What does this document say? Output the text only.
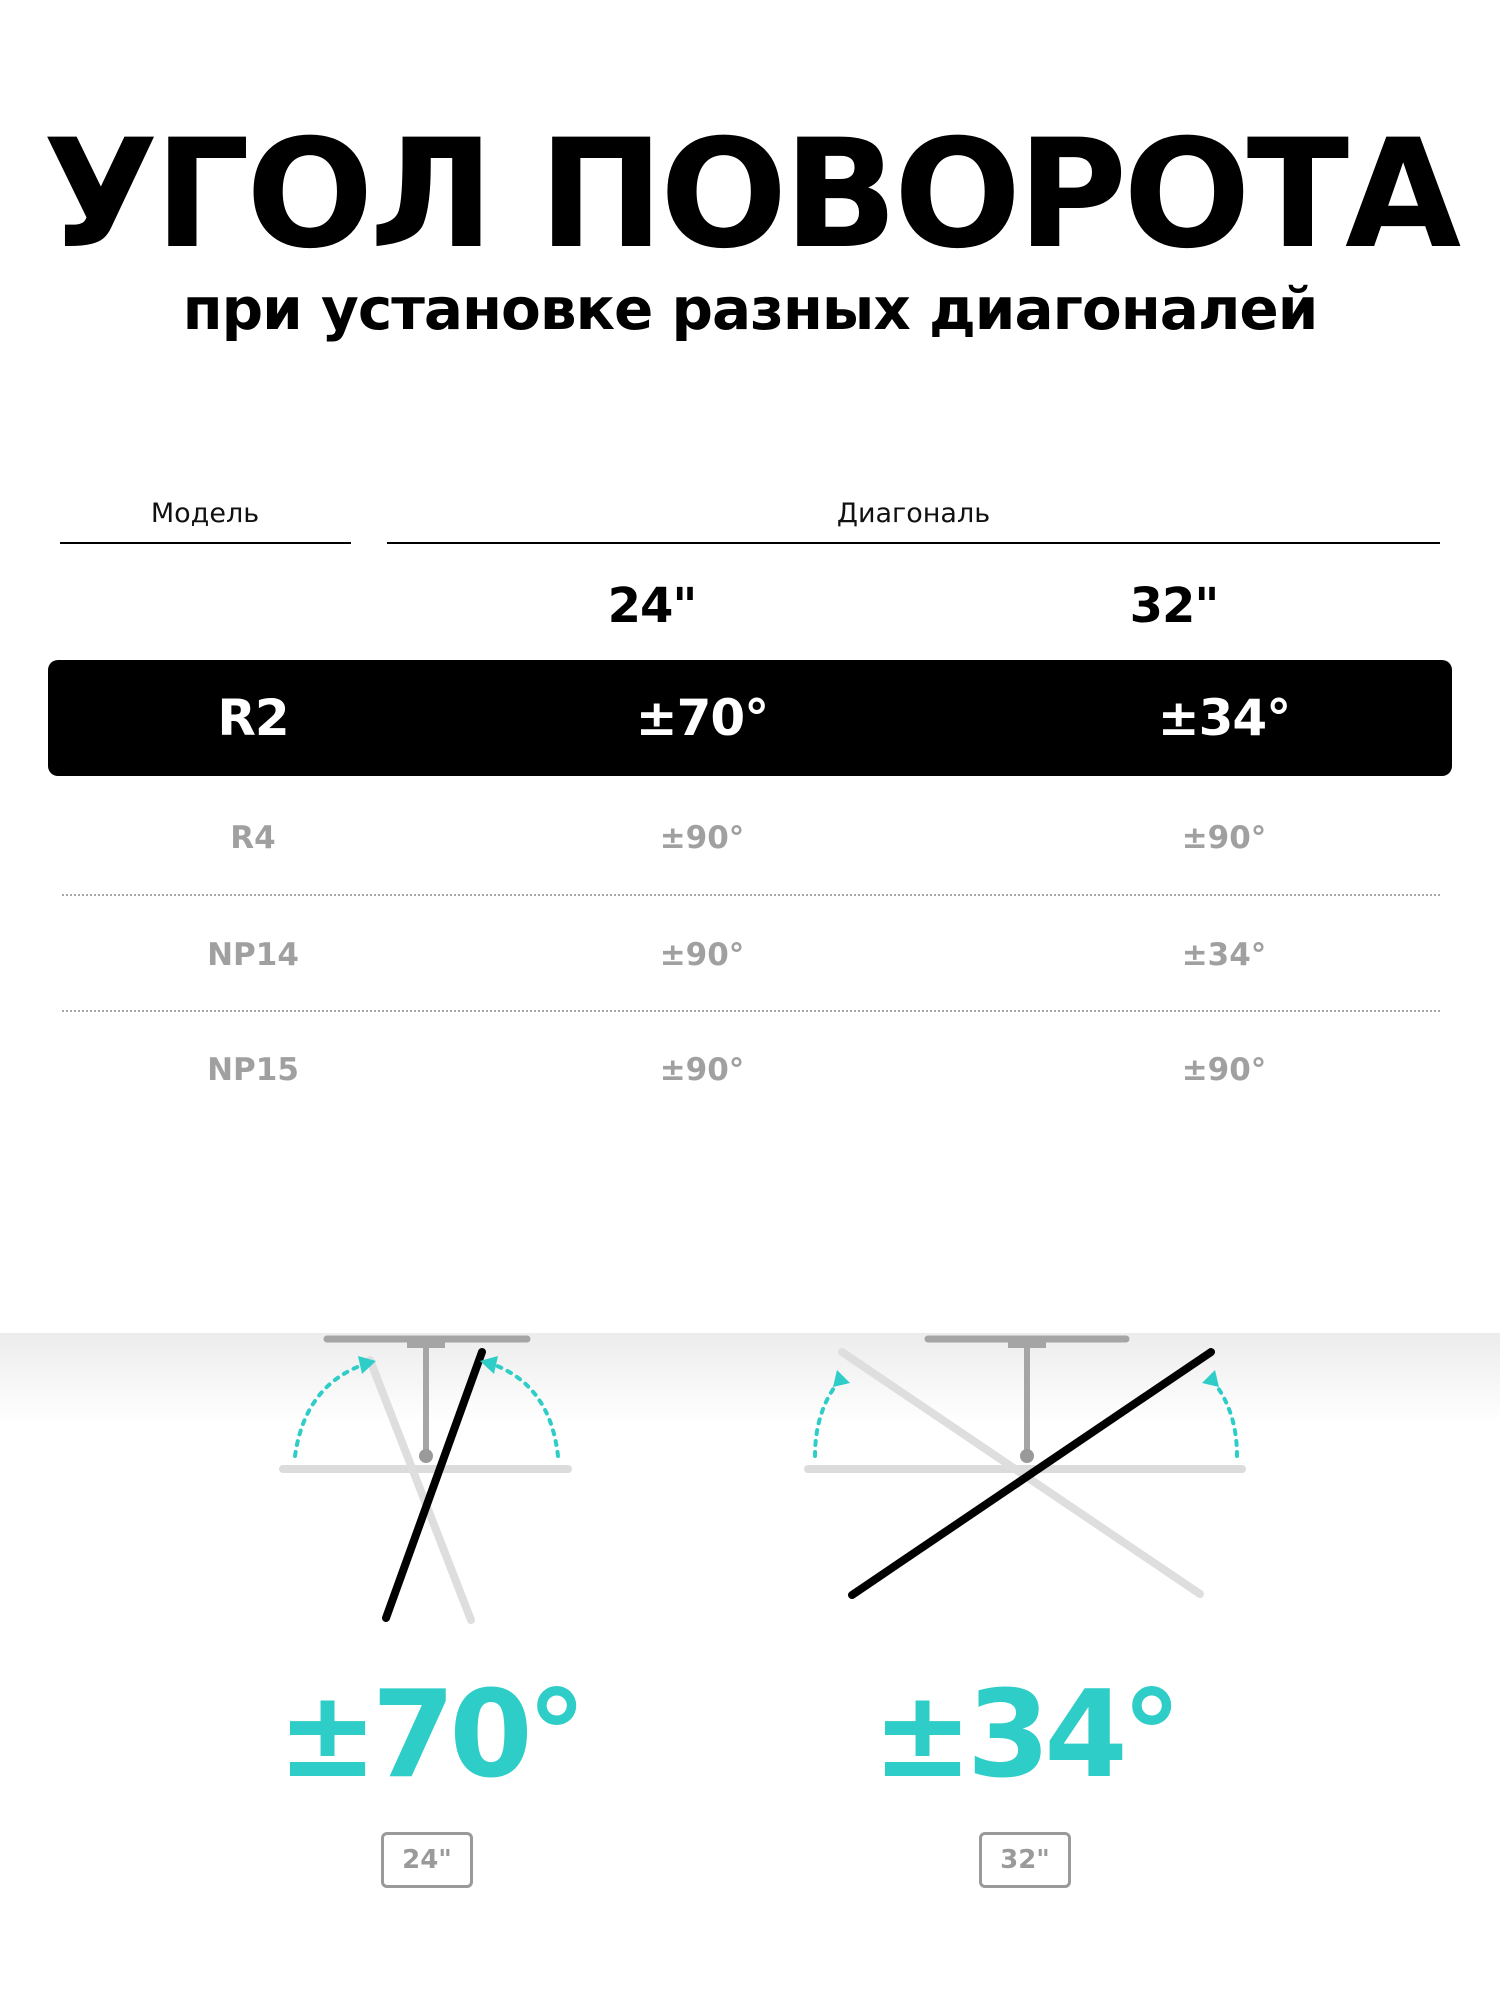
УГОЛ ПОВОРОТА
при установке разных диагоналей
Модель	Диагональ
24"	32"
R2	±70°	±34°
R4	±90°	±90°
NP14	±90°	±34°
NP15	±90°	±90°
±70°	±34°
24"	32"
